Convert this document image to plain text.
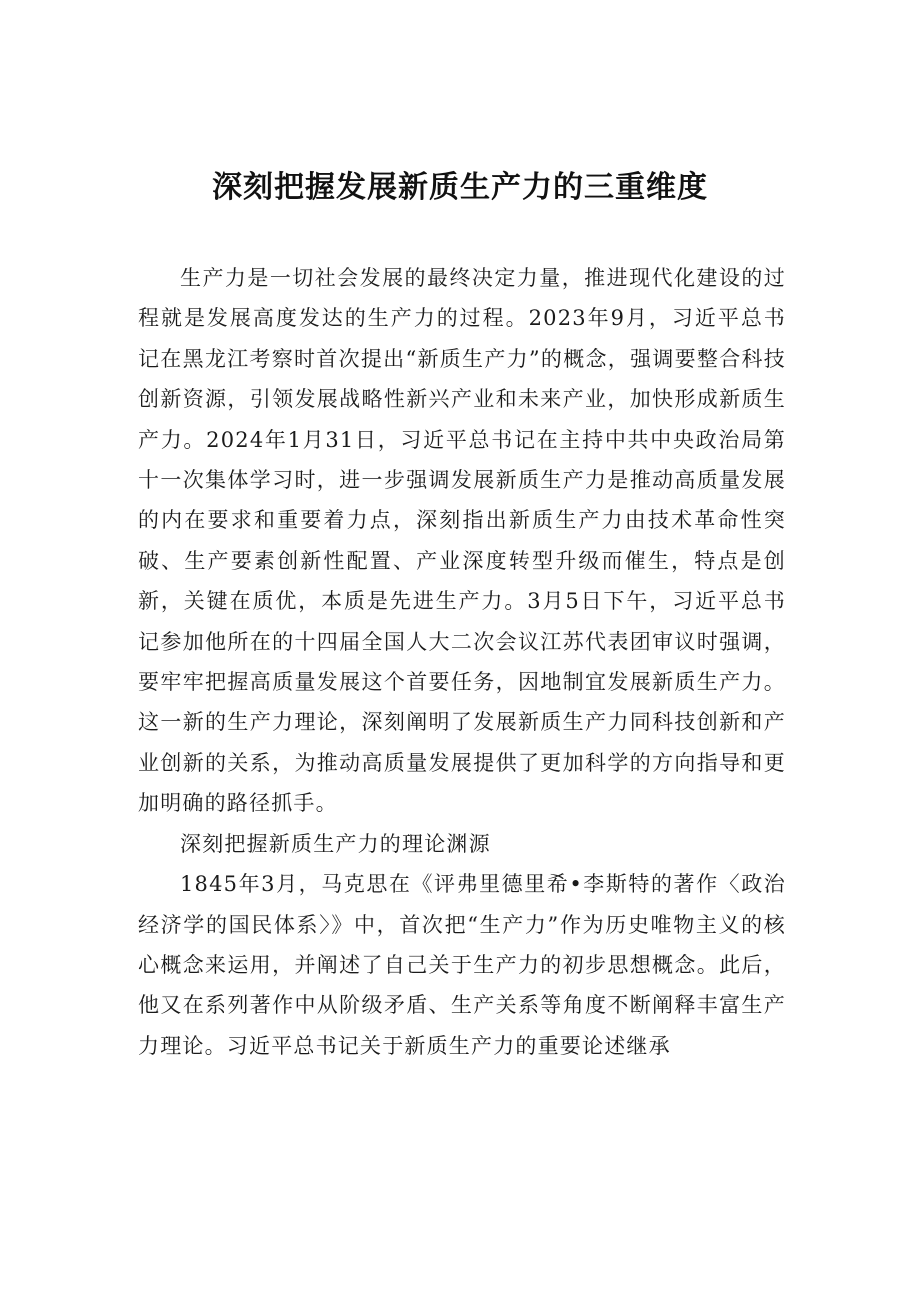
深刻把握发展新质生产力的三重维度

生产力是一切社会发展的最终决定力量，推进现代化建设的过程就是发展高度发达的生产力的过程。2023年9月，习近平总书记在黑龙江考察时首次提出“新质生产力”的概念，强调要整合科技创新资源，引领发展战略性新兴产业和未来产业，加快形成新质生产力。2024年1月31日，习近平总书记在主持中共中央政治局第十一次集体学习时，进一步强调发展新质生产力是推动高质量发展的内在要求和重要着力点，深刻指出新质生产力由技术革命性突破、生产要素创新性配置、产业深度转型升级而催生，特点是创新，关键在质优，本质是先进生产力。3月5日下午，习近平总书记参加他所在的十四届全国人大二次会议江苏代表团审议时强调，要牢牢把握高质量发展这个首要任务，因地制宜发展新质生产力。这一新的生产力理论，深刻阐明了发展新质生产力同科技创新和产业创新的关系，为推动高质量发展提供了更加科学的方向指导和更加明确的路径抓手。

深刻把握新质生产力的理论渊源

1845年3月，马克思在《评弗里德里希•李斯特的著作〈政治经济学的国民体系〉》中，首次把“生产力”作为历史唯物主义的核心概念来运用，并阐述了自己关于生产力的初步思想概念。此后，他又在系列著作中从阶级矛盾、生产关系等角度不断阐释丰富生产力理论。习近平总书记关于新质生产力的重要论述继承
